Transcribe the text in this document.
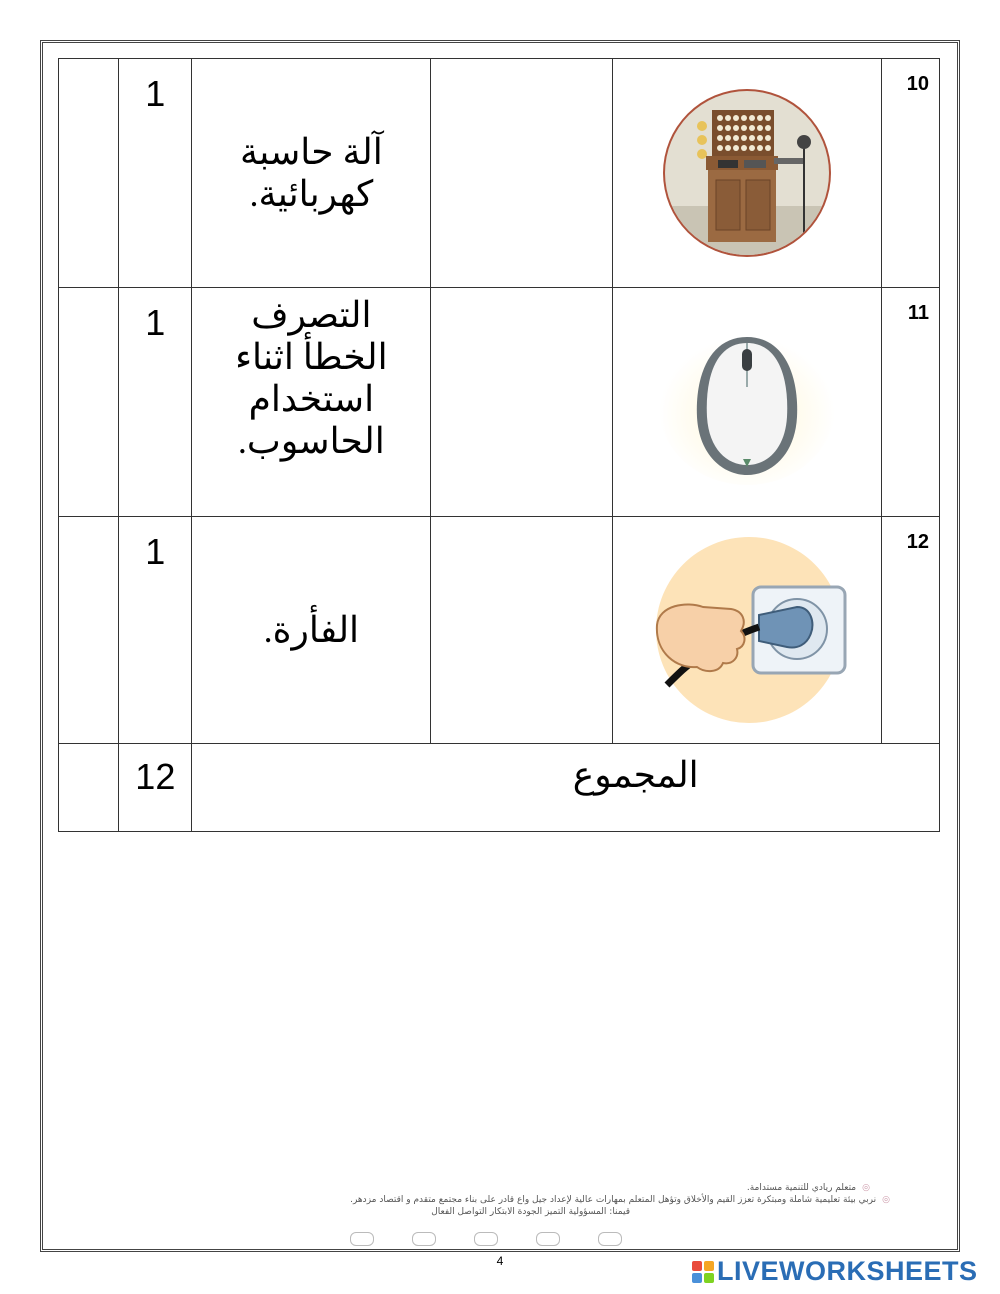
	1	آلة حاسبة
كهربائية.			10

	1	التصرف
الخطأ اثناء
استخدام
الحاسوب.			11

	1	الفأرة.			12

	12	المجموع			
◎متعلم ريادي للتنمية مستدامة.
◎نربي بيئة تعليمية شاملة ومبتكرة تعزز القيم والأخلاق وتؤهل المتعلم بمهارات عالية لإعداد جيل واع قادر على بناء مجتمع متقدم و اقتصاد مزدهر.
قيمنا: المسؤولية التميز الجودة الابتكار التواصل الفعال
4	LIVEWORKSHEETS
